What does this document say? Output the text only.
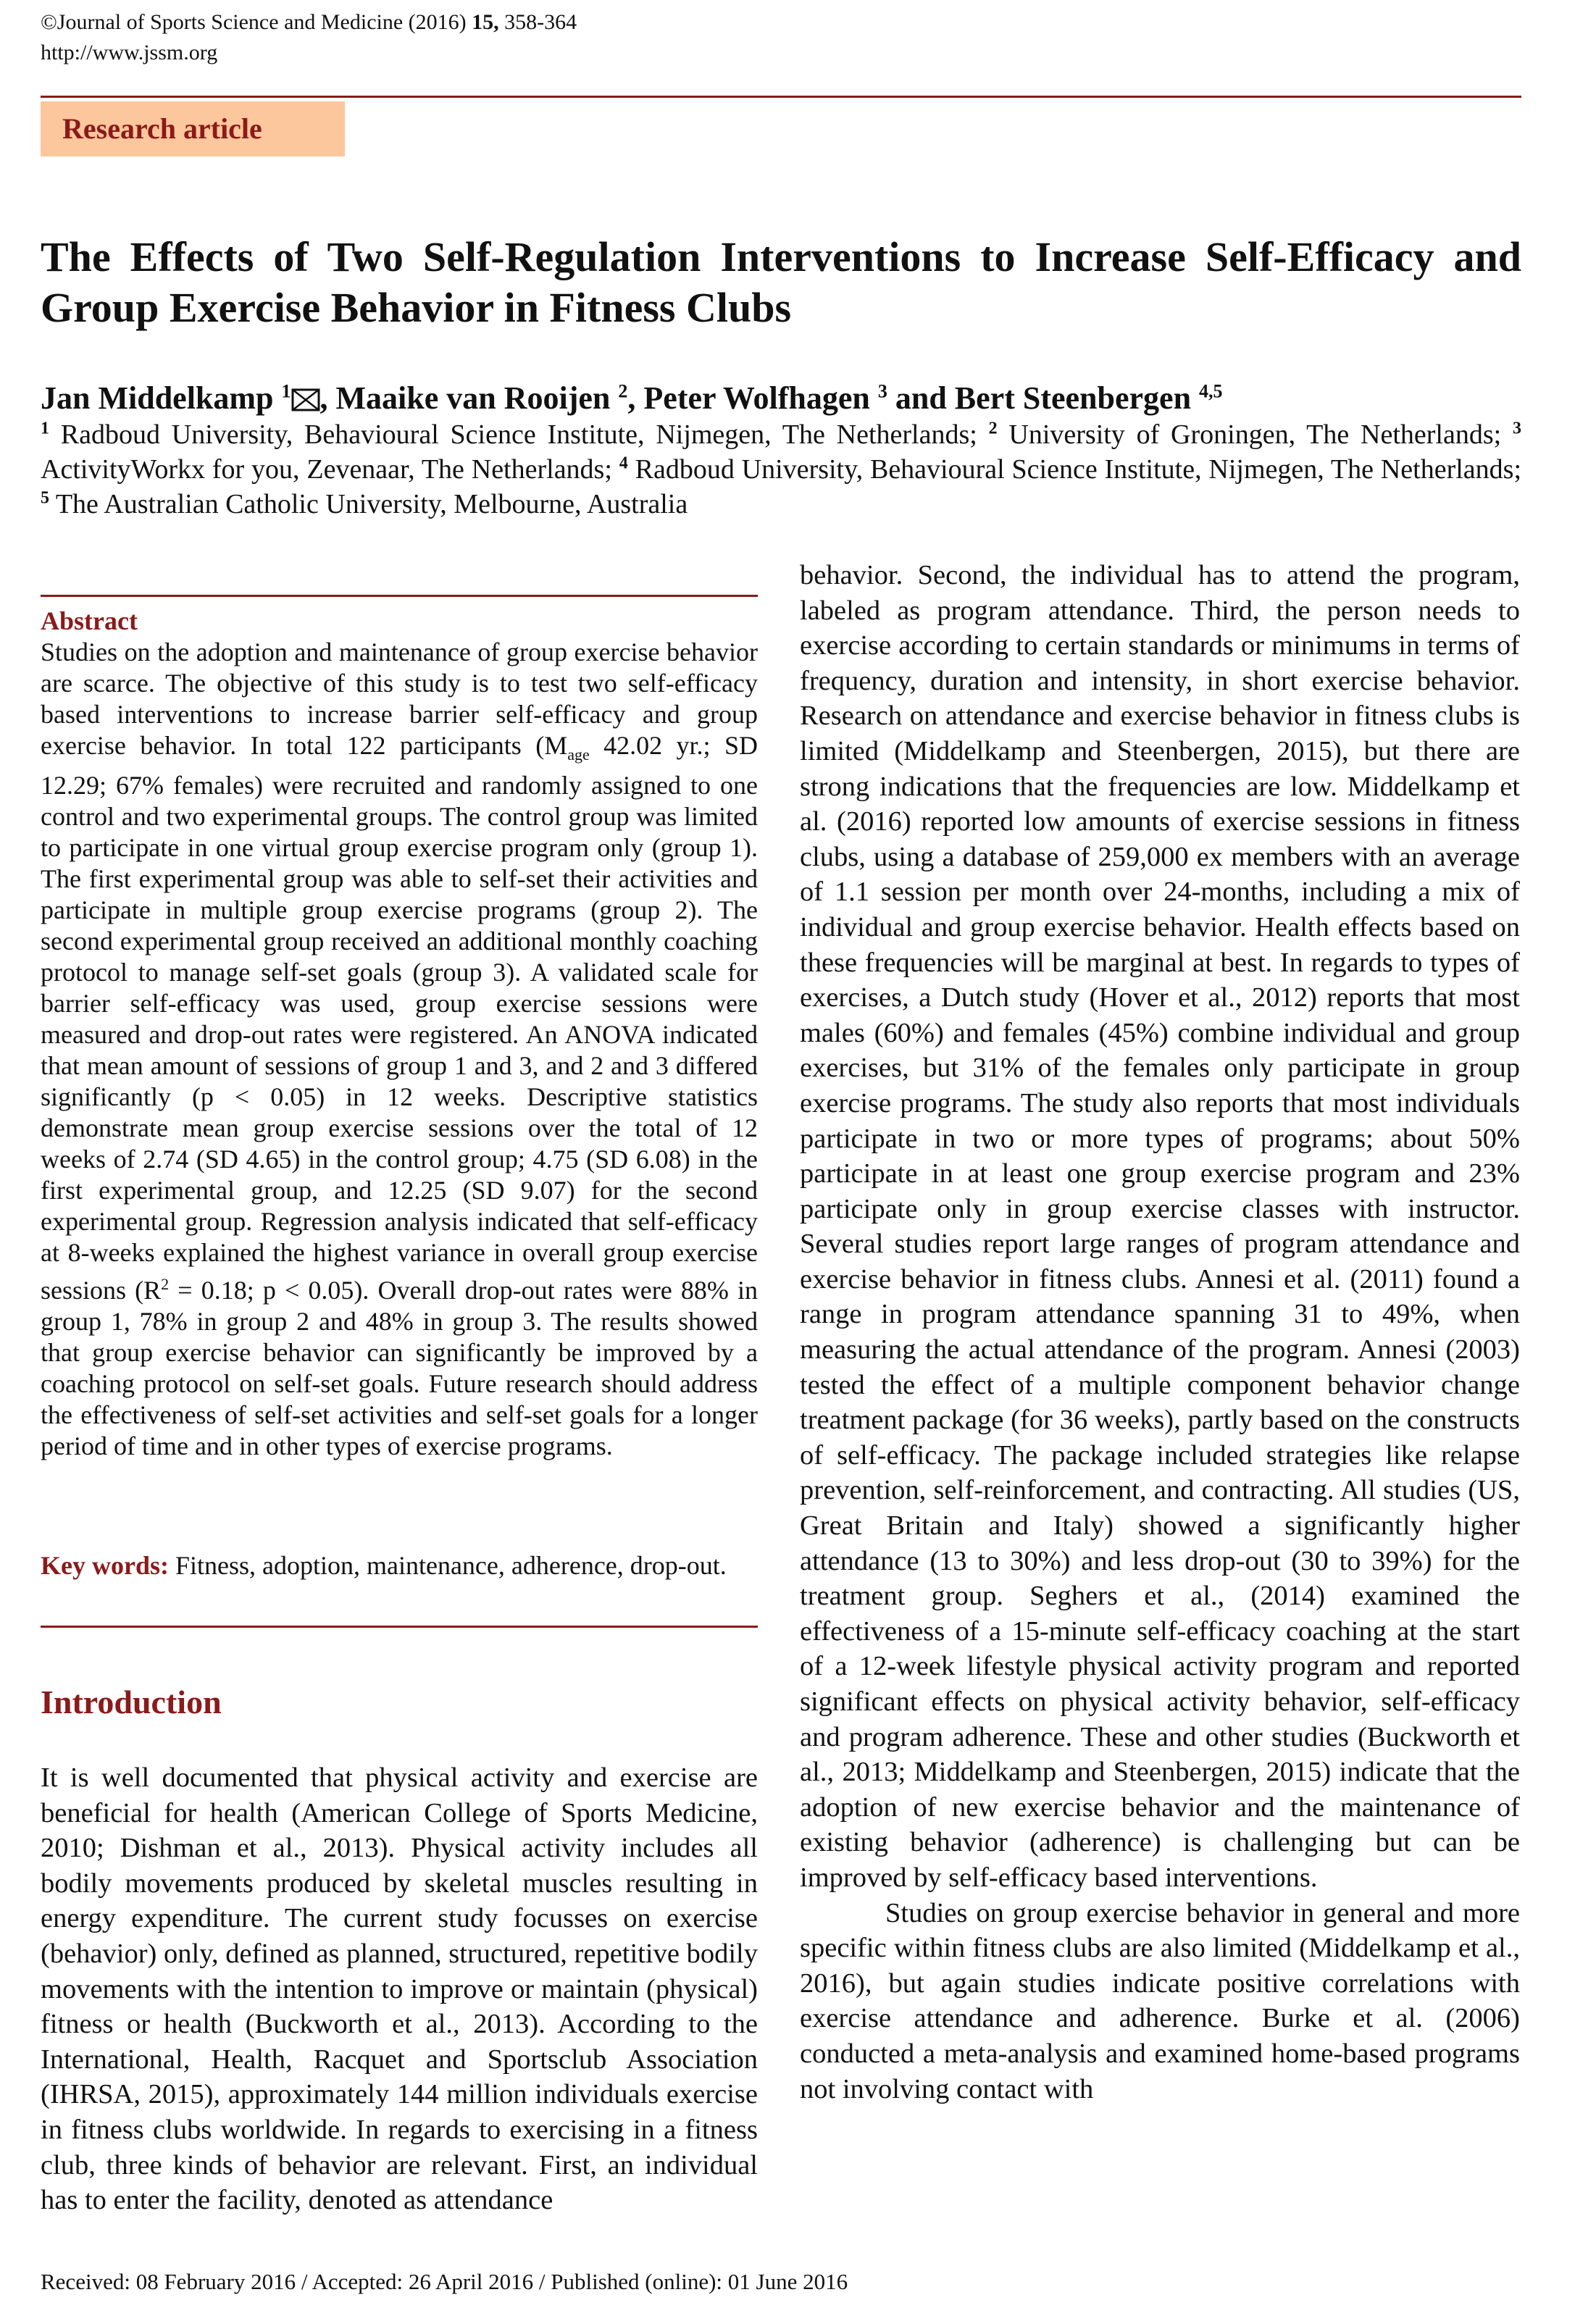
©Journal of Sports Science and Medicine (2016) 15, 358-364
http://www.jssm.org
Research article
The Effects of Two Self-Regulation Interventions to Increase Self-Efficacy and Group Exercise Behavior in Fitness Clubs
Jan Middelkamp $^1$ , Maaike van Rooijen $^2$, Peter Wolfhagen $^3$ and Bert Steenbergen $^{4,5}$
$^1$ Radboud University, Behavioural Science Institute, Nijmegen, The Netherlands; $^2$ University of Groningen, The Netherlands; $^3$ ActivityWorkx for you, Zevenaar, The Netherlands; $^4$ Radboud University, Behavioural Science Institute, Nijmegen, The Netherlands; $^5$ The Australian Catholic University, Melbourne, Australia
Abstract

Studies on the adoption and maintenance of group exercise behavior are scarce. The objective of this study is to test two self-efficacy based interventions to increase barrier self-efficacy and group exercise behavior. In total 122 participants ($M_{age}$ 42.02 yr.; SD 12.29; 67% females) were recruited and randomly assigned to one control and two experimental groups. The control group was limited to participate in one virtual group exercise program only (group 1). The first experimental group was able to self-set their activities and participate in multiple group exercise programs (group 2). The second experimental group received an additional monthly coaching protocol to manage self-set goals (group 3). A validated scale for barrier self-efficacy was used, group exercise sessions were measured and drop-out rates were registered. An ANOVA indicated that mean amount of sessions of group 1 and 3, and 2 and 3 differed significantly (p < 0.05) in 12 weeks. Descriptive statistics demonstrate mean group exercise sessions over the total of 12 weeks of 2.74 (SD 4.65) in the control group; 4.75 (SD 6.08) in the first experimental group, and 12.25 (SD 9.07) for the second experimental group. Regression analysis indicated that self-efficacy at 8-weeks explained the highest variance in overall group exercise sessions ($R^2 = 0.18$; p < 0.05). Overall drop-out rates were 88% in group 1, 78% in group 2 and 48% in group 3. The results showed that group exercise behavior can significantly be improved by a coaching protocol on self-set goals. Future research should address the effectiveness of self-set activities and self-set goals for a longer period of time and in other types of exercise programs.

Key words: Fitness, adoption, maintenance, adherence, drop-out.
Introduction
It is well documented that physical activity and exercise are beneficial for health (American College of Sports Medicine, 2010; Dishman et al., 2013). Physical activity includes all bodily movements produced by skeletal muscles resulting in energy expenditure. The current study focusses on exercise (behavior) only, defined as planned, structured, repetitive bodily movements with the intention to improve or maintain (physical) fitness or health (Buckworth et al., 2013). According to the International, Health, Racquet and Sportsclub Association (IHRSA, 2015), approximately 144 million individuals exercise in fitness clubs worldwide. In regards to exercising in a fitness club, three kinds of behavior are relevant. First, an individual has to enter the facility, denoted as attendance

behavior. Second, the individual has to attend the program, labeled as program attendance. Third, the person needs to exercise according to certain standards or minimums in terms of frequency, duration and intensity, in short exercise behavior. Research on attendance and exercise behavior in fitness clubs is limited (Middelkamp and Steenbergen, 2015), but there are strong indications that the frequencies are low. Middelkamp et al. (2016) reported low amounts of exercise sessions in fitness clubs, using a database of 259,000 ex members with an average of 1.1 session per month over 24-months, including a mix of individual and group exercise behavior. Health effects based on these frequencies will be marginal at best. In regards to types of exercises, a Dutch study (Hover et al., 2012) reports that most males (60%) and females (45%) combine individual and group exercises, but 31% of the females only participate in group exercise programs. The study also reports that most individuals participate in two or more types of programs; about 50% participate in at least one group exercise program and 23% participate only in group exercise classes with instructor. Several studies report large ranges of program attendance and exercise behavior in fitness clubs. Annesi et al. (2011) found a range in program attendance spanning 31 to 49%, when measuring the actual attendance of the program. Annesi (2003) tested the effect of a multiple component behavior change treatment package (for 36 weeks), partly based on the constructs of self-efficacy. The package included strategies like relapse prevention, self-reinforcement, and contracting. All studies (US, Great Britain and Italy) showed a significantly higher attendance (13 to 30%) and less drop-out (30 to 39%) for the treatment group. Seghers et al., (2014) examined the effectiveness of a 15-minute self-efficacy coaching at the start of a 12-week lifestyle physical activity program and reported significant effects on physical activity behavior, self-efficacy and program adherence. These and other studies (Buckworth et al., 2013; Middelkamp and Steenbergen, 2015) indicate that the adoption of new exercise behavior and the maintenance of existing behavior (adherence) is challenging but can be improved by self-efficacy based interventions.

Studies on group exercise behavior in general and more specific within fitness clubs are also limited (Middelkamp et al., 2016), but again studies indicate positive correlations with exercise attendance and adherence. Burke et al. (2006) conducted a meta-analysis and examined home-based programs not involving contact with

Received: 08 February 2016 / Accepted: 26 April 2016 / Published (online): 01 June 2016
